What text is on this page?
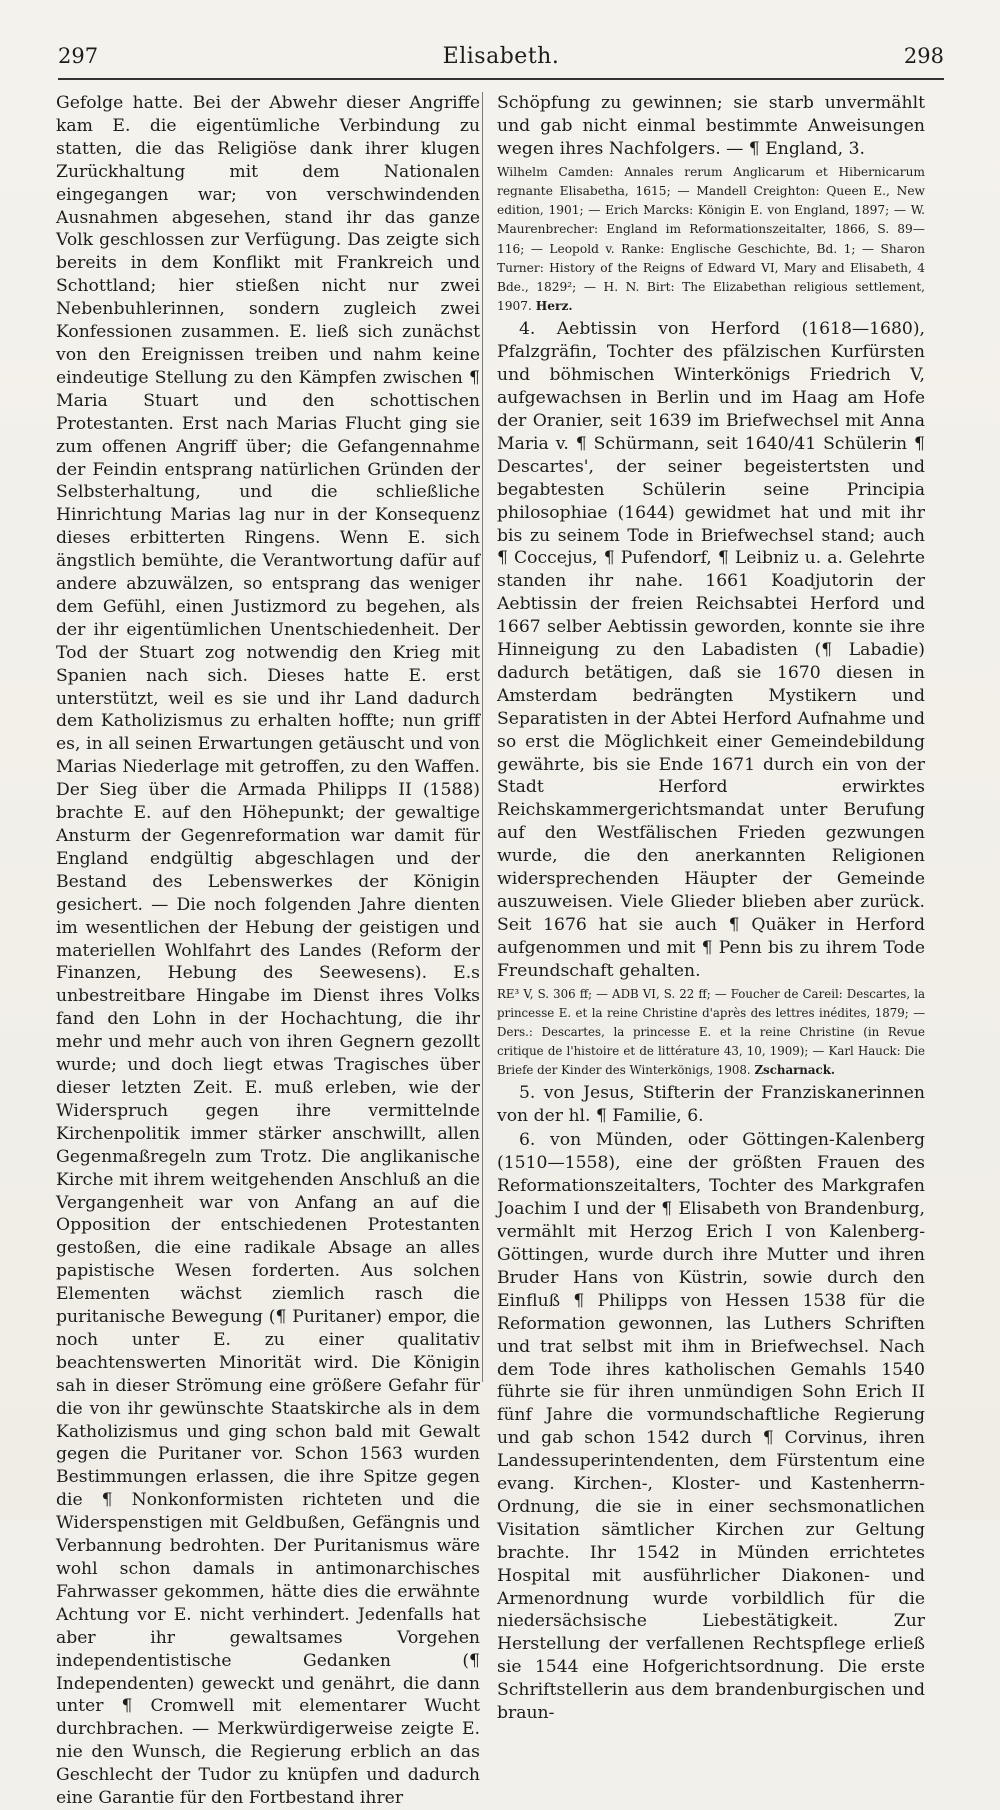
297	Elisabeth.	298

Gefolge hatte. Bei der Abwehr dieser Angriffe kam E. die eigentümliche Verbindung zu statten, die das Religiöse dank ihrer klugen Zurückhaltung mit dem Nationalen eingegangen war; von verschwindenden Ausnahmen abgesehen, stand ihr das ganze Volk geschlossen zur Verfügung. Das zeigte sich bereits in dem Konflikt mit Frankreich und Schottland; hier stießen nicht nur zwei Nebenbuhlerinnen, sondern zugleich zwei Konfessionen zusammen. E. ließ sich zunächst von den Ereignissen treiben und nahm keine eindeutige Stellung zu den Kämpfen zwischen ¶ Maria Stuart und den schottischen Protestanten. Erst nach Marias Flucht ging sie zum offenen Angriff über; die Gefangennahme der Feindin entsprang natürlichen Gründen der Selbsterhaltung, und die schließliche Hinrichtung Marias lag nur in der Konsequenz dieses erbitterten Ringens. Wenn E. sich ängstlich bemühte, die Verantwortung dafür auf andere abzuwälzen, so entsprang das weniger dem Gefühl, einen Justizmord zu begehen, als der ihr eigentümlichen Unentschiedenheit. Der Tod der Stuart zog notwendig den Krieg mit Spanien nach sich. Dieses hatte E. erst unterstützt, weil es sie und ihr Land dadurch dem Katholizismus zu erhalten hoffte; nun griff es, in all seinen Erwartungen getäuscht und von Marias Niederlage mit getroffen, zu den Waffen. Der Sieg über die Armada Philipps II (1588) brachte E. auf den Höhepunkt; der gewaltige Ansturm der Gegenreformation war damit für England endgültig abgeschlagen und der Bestand des Lebenswerkes der Königin gesichert. — Die noch folgenden Jahre dienten im wesentlichen der Hebung der geistigen und materiellen Wohlfahrt des Landes (Reform der Finanzen, Hebung des Seewesens). E.s unbestreitbare Hingabe im Dienst ihres Volks fand den Lohn in der Hochachtung, die ihr mehr und mehr auch von ihren Gegnern gezollt wurde; und doch liegt etwas Tragisches über dieser letzten Zeit. E. muß erleben, wie der Widerspruch gegen ihre vermittelnde Kirchenpolitik immer stärker anschwillt, allen Gegenmaßregeln zum Trotz. Die anglikanische Kirche mit ihrem weitgehenden Anschluß an die Vergangenheit war von Anfang an auf die Opposition der entschiedenen Protestanten gestoßen, die eine radikale Absage an alles papistische Wesen forderten. Aus solchen Elementen wächst ziemlich rasch die puritanische Bewegung (¶ Puritaner) empor, die noch unter E. zu einer qualitativ beachtenswerten Minorität wird. Die Königin sah in dieser Strömung eine größere Gefahr für die von ihr gewünschte Staatskirche als in dem Katholizismus und ging schon bald mit Gewalt gegen die Puritaner vor. Schon 1563 wurden Bestimmungen erlassen, die ihre Spitze gegen die ¶ Nonkonformisten richteten und die Widerspenstigen mit Geldbußen, Gefängnis und Verbannung bedrohten. Der Puritanismus wäre wohl schon damals in antimonarchisches Fahrwasser gekommen, hätte dies die erwähnte Achtung vor E. nicht verhindert. Jedenfalls hat aber ihr gewaltsames Vorgehen independentistische Gedanken (¶ Independenten) geweckt und genährt, die dann unter ¶ Cromwell mit elementarer Wucht durchbrachen. — Merkwürdigerweise zeigte E. nie den Wunsch, die Regierung erblich an das Geschlecht der Tudor zu knüpfen und dadurch eine Garantie für den Fortbestand ihrer

Schöpfung zu gewinnen; sie starb unvermählt und gab nicht einmal bestimmte Anweisungen wegen ihres Nachfolgers. — ¶ England, 3.

Wilhelm Camden: Annales rerum Anglicarum et Hibernicarum regnante Elisabetha, 1615; — Mandell Creighton: Queen E., New edition, 1901; — Erich Marcks: Königin E. von England, 1897; — W. Maurenbrecher: England im Reformationszeitalter, 1866, S. 89—116; — Leopold v. Ranke: Englische Geschichte, Bd. 1; — Sharon Turner: History of the Reigns of Edward VI, Mary and Elisabeth, 4 Bde., 1829²; — H. N. Birt: The Elizabethan religious settlement, 1907. Herz.

4. Aebtissin von Herford (1618—1680), Pfalzgräfin, Tochter des pfälzischen Kurfürsten und böhmischen Winterkönigs Friedrich V, aufgewachsen in Berlin und im Haag am Hofe der Oranier, seit 1639 im Briefwechsel mit Anna Maria v. ¶ Schürmann, seit 1640/41 Schülerin ¶ Descartes', der seiner begeistertsten und begabtesten Schülerin seine Principia philosophiae (1644) gewidmet hat und mit ihr bis zu seinem Tode in Briefwechsel stand; auch ¶ Coccejus, ¶ Pufendorf, ¶ Leibniz u. a. Gelehrte standen ihr nahe. 1661 Koadjutorin der Aebtissin der freien Reichsabtei Herford und 1667 selber Aebtissin geworden, konnte sie ihre Hinneigung zu den Labadisten (¶ Labadie) dadurch betätigen, daß sie 1670 diesen in Amsterdam bedrängten Mystikern und Separatisten in der Abtei Herford Aufnahme und so erst die Möglichkeit einer Gemeindebildung gewährte, bis sie Ende 1671 durch ein von der Stadt Herford erwirktes Reichskammergerichtsmandat unter Berufung auf den Westfälischen Frieden gezwungen wurde, die den anerkannten Religionen widersprechenden Häupter der Gemeinde auszuweisen. Viele Glieder blieben aber zurück. Seit 1676 hat sie auch ¶ Quäker in Herford aufgenommen und mit ¶ Penn bis zu ihrem Tode Freundschaft gehalten.

RE³ V, S. 306 ff; — ADB VI, S. 22 ff; — Foucher de Careil: Descartes, la princesse E. et la reine Christine d'après des lettres inédites, 1879; — Ders.: Descartes, la princesse E. et la reine Christine (in Revue critique de l'histoire et de littérature 43, 10, 1909); — Karl Hauck: Die Briefe der Kinder des Winterkönigs, 1908. Zscharnack.

5. von Jesus, Stifterin der Franziskanerinnen von der hl. ¶ Familie, 6.

6. von Münden, oder Göttingen-Kalenberg (1510—1558), eine der größten Frauen des Reformationszeitalters, Tochter des Markgrafen Joachim I und der ¶ Elisabeth von Brandenburg, vermählt mit Herzog Erich I von Kalenberg-Göttingen, wurde durch ihre Mutter und ihren Bruder Hans von Küstrin, sowie durch den Einfluß ¶ Philipps von Hessen 1538 für die Reformation gewonnen, las Luthers Schriften und trat selbst mit ihm in Briefwechsel. Nach dem Tode ihres katholischen Gemahls 1540 führte sie für ihren unmündigen Sohn Erich II fünf Jahre die vormundschaftliche Regierung und gab schon 1542 durch ¶ Corvinus, ihren Landessuperintendenten, dem Fürstentum eine evang. Kirchen-, Kloster- und Kastenherrn-Ordnung, die sie in einer sechsmonatlichen Visitation sämtlicher Kirchen zur Geltung brachte. Ihr 1542 in Münden errichtetes Hospital mit ausführlicher Diakonen- und Armenordnung wurde vorbildlich für die niedersächsische Liebestätigkeit. Zur Herstellung der verfallenen Rechtspflege erließ sie 1544 eine Hofgerichtsordnung. Die erste Schriftstellerin aus dem brandenburgischen und braun-
